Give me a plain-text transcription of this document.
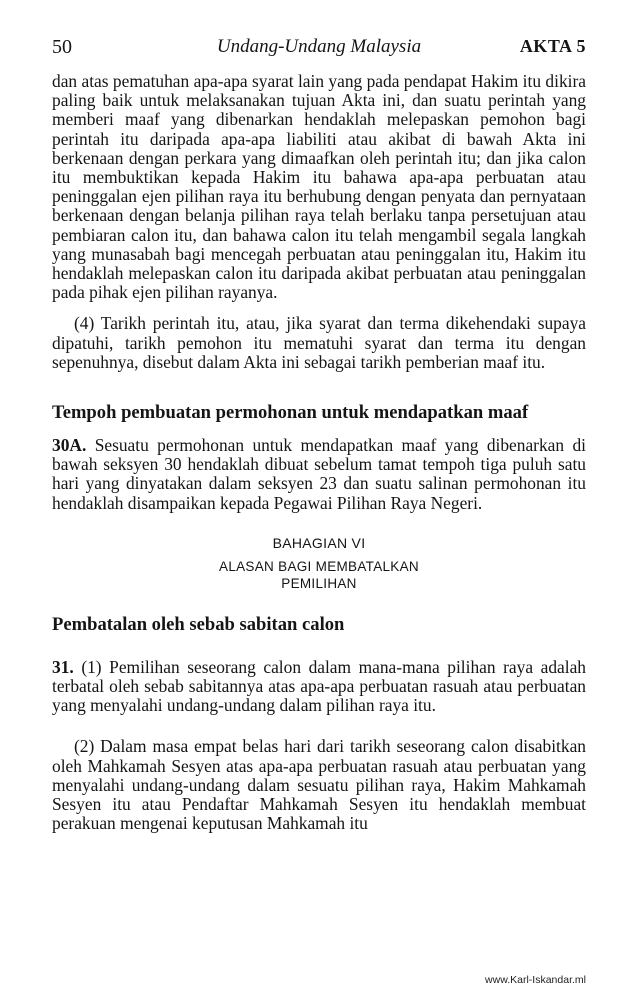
50	Undang-Undang Malaysia	AKTA 5

dan atas pematuhan apa-apa syarat lain yang pada pendapat Hakim itu dikira paling baik untuk melaksanakan tujuan Akta ini, dan suatu perintah yang memberi maaf yang dibenarkan hendaklah melepaskan pemohon bagi perintah itu daripada apa-apa liabiliti atau akibat di bawah Akta ini berkenaan dengan perkara yang dimaafkan oleh perintah itu; dan jika calon itu membuktikan kepada Hakim itu bahawa apa-apa perbuatan atau peninggalan ejen pilihan raya itu berhubung dengan penyata dan pernyataan berkenaan dengan belanja pilihan raya telah berlaku tanpa persetujuan atau pembiaran calon itu, dan bahawa calon itu telah mengambil segala langkah yang munasabah bagi mencegah perbuatan atau peninggalan itu, Hakim itu hendaklah melepaskan calon itu daripada akibat perbuatan atau peninggalan pada pihak ejen pilihan rayanya.

(4) Tarikh perintah itu, atau, jika syarat dan terma dikehendaki supaya dipatuhi, tarikh pemohon itu mematuhi syarat dan terma itu dengan sepenuhnya, disebut dalam Akta ini sebagai tarikh pemberian maaf itu.

Tempoh pembuatan permohonan untuk mendapatkan maaf

30A. Sesuatu permohonan untuk mendapatkan maaf yang dibenarkan di bawah seksyen 30 hendaklah dibuat sebelum tamat tempoh tiga puluh satu hari yang dinyatakan dalam seksyen 23 dan suatu salinan permohonan itu hendaklah disampaikan kepada Pegawai Pilihan Raya Negeri.

BAHAGIAN VI
ALASAN BAGI MEMBATALKAN
PEMILIHAN
Pembatalan oleh sebab sabitan calon

31. (1) Pemilihan seseorang calon dalam mana-mana pilihan raya adalah terbatal oleh sebab sabitannya atas apa-apa perbuatan rasuah atau perbuatan yang menyalahi undang-undang dalam pilihan raya itu.

(2) Dalam masa empat belas hari dari tarikh seseorang calon disabitkan oleh Mahkamah Sesyen atas apa-apa perbuatan rasuah atau perbuatan yang menyalahi undang-undang dalam sesuatu pilihan raya, Hakim Mahkamah Sesyen itu atau Pendaftar Mahkamah Sesyen itu hendaklah membuat perakuan mengenai keputusan Mahkamah itu

www.Karl-Iskandar.ml
